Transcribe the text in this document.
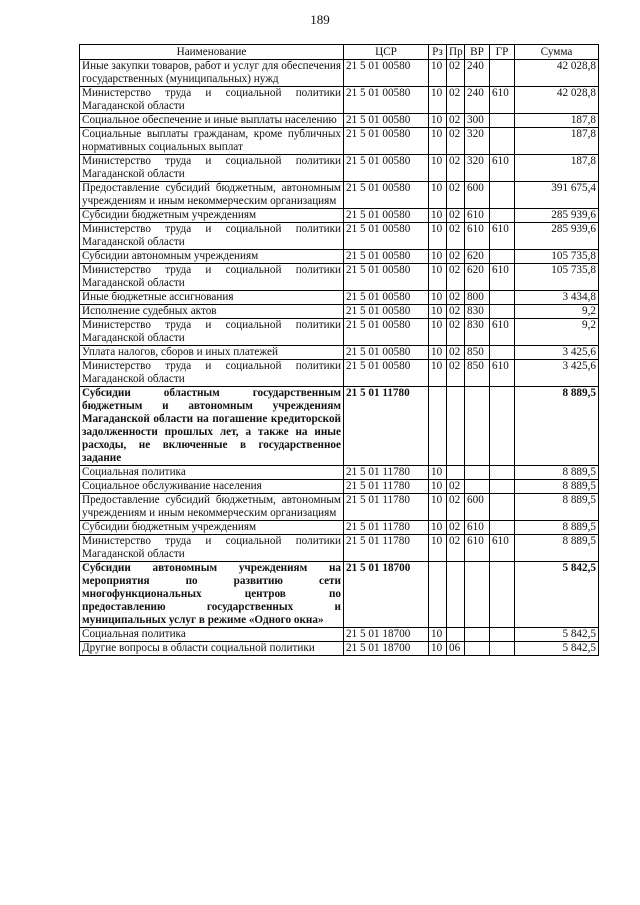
189
Наименование	ЦСР	Рз	Пр	ВР	ГР	Сумма
Иные закупки товаров, работ и услуг для обеспечения государственных (муниципальных) нужд	21 5 01 00580	10	02	240		42 028,8
Министерство труда и социальной политики Магаданской области	21 5 01 00580	10	02	240	610	42 028,8
Социальное обеспечение и иные выплаты населению	21 5 01 00580	10	02	300		187,8
Социальные выплаты гражданам, кроме публичных нормативных социальных выплат	21 5 01 00580	10	02	320		187,8
Министерство труда и социальной политики Магаданской области	21 5 01 00580	10	02	320	610	187,8
Предоставление субсидий бюджетным, автономным учреждениям и иным некоммерческим организациям	21 5 01 00580	10	02	600		391 675,4
Субсидии бюджетным учреждениям	21 5 01 00580	10	02	610		285 939,6
Министерство труда и социальной политики Магаданской области	21 5 01 00580	10	02	610	610	285 939,6
Субсидии автономным учреждениям	21 5 01 00580	10	02	620		105 735,8
Министерство труда и социальной политики Магаданской области	21 5 01 00580	10	02	620	610	105 735,8
Иные бюджетные ассигнования	21 5 01 00580	10	02	800		3 434,8
Исполнение судебных актов	21 5 01 00580	10	02	830		9,2
Министерство труда и социальной политики Магаданской области	21 5 01 00580	10	02	830	610	9,2
Уплата налогов, сборов и иных платежей	21 5 01 00580	10	02	850		3 425,6
Министерство труда и социальной политики Магаданской области	21 5 01 00580	10	02	850	610	3 425,6
Субсидии областным государственным бюджетным и автономным учреждениям Магаданской области на погашение кредиторской задолженности прошлых лет, а также на иные расходы, не включенные в государственное задание	21 5 01 11780					8 889,5
Социальная политика	21 5 01 11780	10				8 889,5
Социальное обслуживание населения	21 5 01 11780	10	02			8 889,5
Предоставление субсидий бюджетным, автономным учреждениям и иным некоммерческим организациям	21 5 01 11780	10	02	600		8 889,5
Субсидии бюджетным учреждениям	21 5 01 11780	10	02	610		8 889,5
Министерство труда и социальной политики Магаданской области	21 5 01 11780	10	02	610	610	8 889,5
Субсидии автономным учреждениям на мероприятия по развитию сети многофункциональных центров по предоставлению государственных и муниципальных услуг в режиме «Одного окна»	21 5 01 18700					5 842,5
Социальная политика	21 5 01 18700	10				5 842,5
Другие вопросы в области социальной политики	21 5 01 18700	10	06			5 842,5
